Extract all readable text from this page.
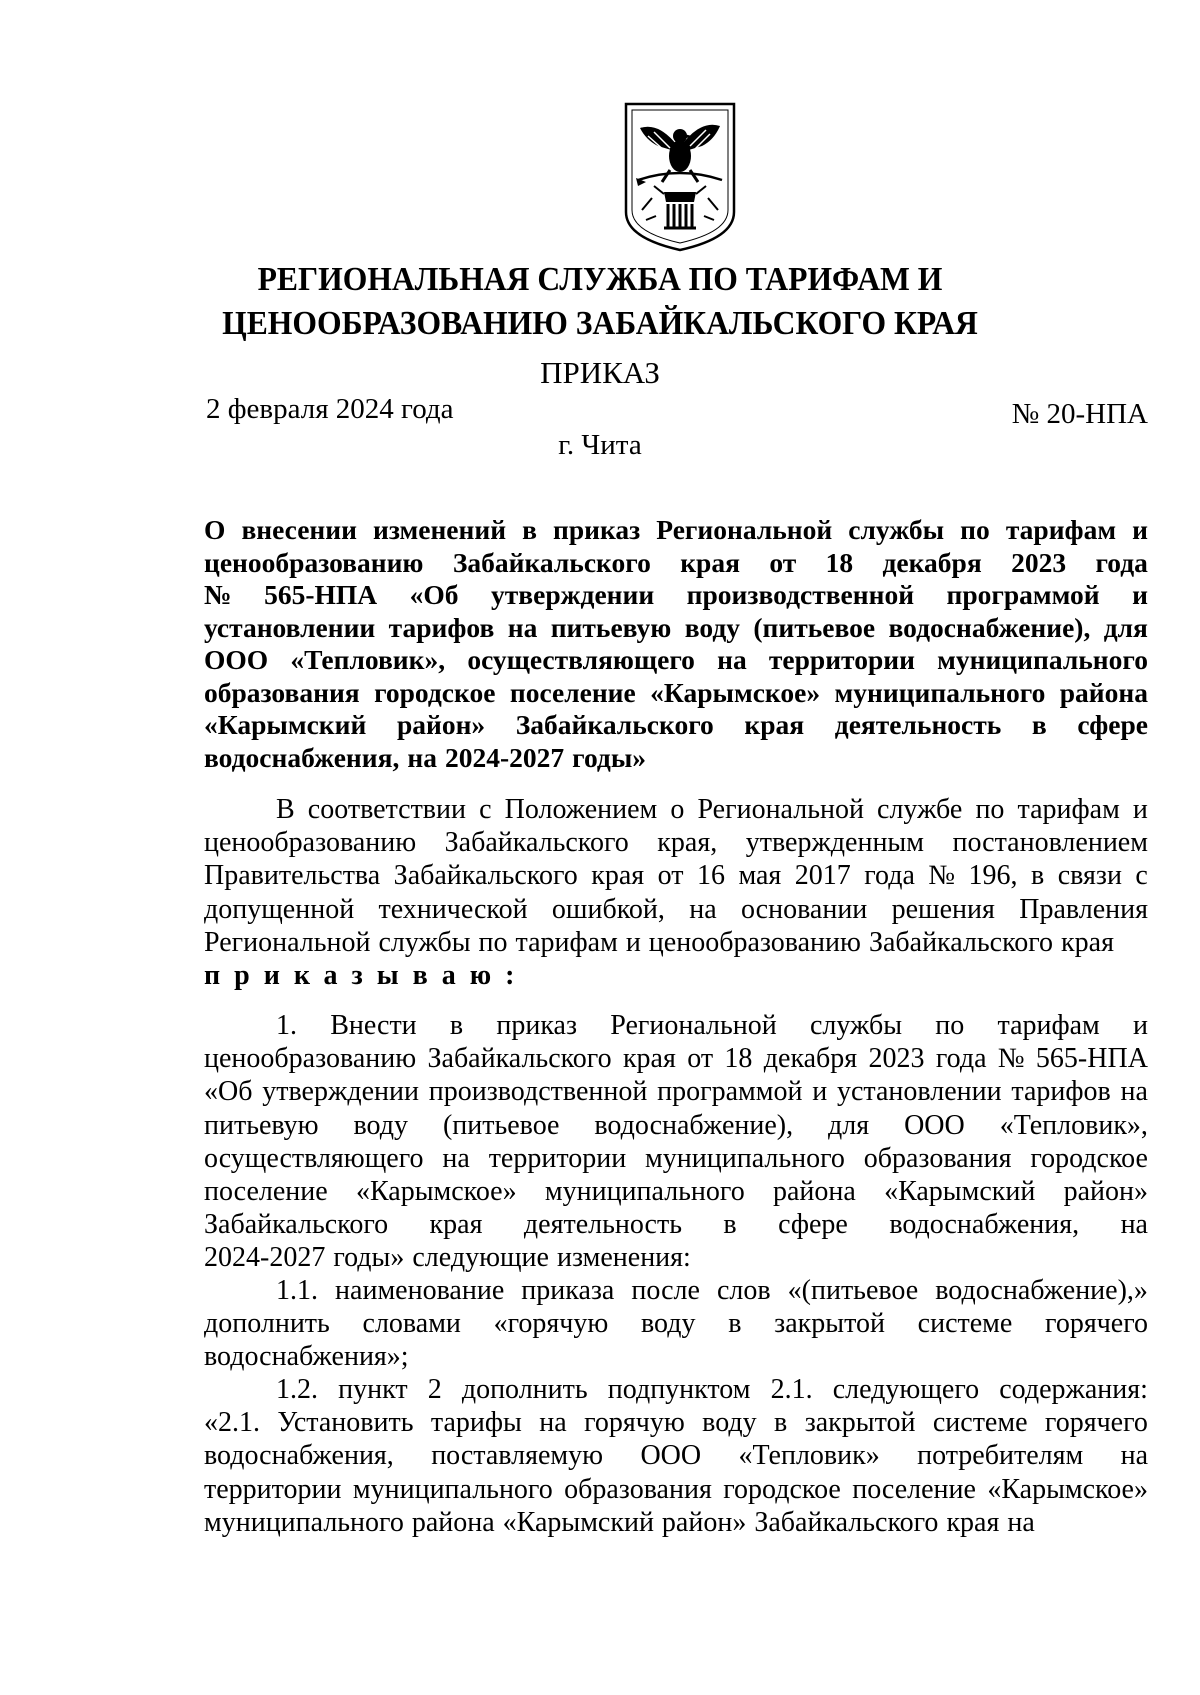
РЕГИОНАЛЬНАЯ СЛУЖБА ПО ТАРИФАМ И
ЦЕНООБРАЗОВАНИЮ ЗАБАЙКАЛЬСКОГО КРАЯ
ПРИКАЗ
2 февраля 2024 года	№ 20-НПА
г. Чита
О внесении изменений в приказ Региональной службы по тарифам и
ценообразованию Забайкальского края от 18 декабря 2023 года
№ 565-НПА «Об утверждении производственной программой и
установлении тарифов на питьевую воду (питьевое водоснабжение), для
ООО «Тепловик», осуществляющего на территории муниципального
образования городское поселение «Карымское» муниципального района
«Карымский район» Забайкальского края деятельность в сфере
водоснабжения, на 2024-2027 годы»
В соответствии с Положением о Региональной службе по тарифам и
ценообразованию Забайкальского края, утвержденным постановлением
Правительства Забайкальского края от 16 мая 2017 года № 196, в связи с
допущенной технической ошибкой, на основании решения Правления
Региональной службы по тарифам и ценообразованию Забайкальского края
приказываю:
1. Внести в приказ Региональной службы по тарифам и
ценообразованию Забайкальского края от 18 декабря 2023 года № 565-НПА
«Об утверждении производственной программой и установлении тарифов на
питьевую воду (питьевое водоснабжение), для ООО «Тепловик»,
осуществляющего на территории муниципального образования городское
поселение «Карымское» муниципального района «Карымский район»
Забайкальского края деятельность в сфере водоснабжения, на
2024-2027 годы» следующие изменения:
1.1. наименование приказа после слов «(питьевое водоснабжение),»
дополнить словами «горячую воду в закрытой системе горячего
водоснабжения»;
1.2. пункт 2 дополнить подпунктом 2.1. следующего содержания:
«2.1. Установить тарифы на горячую воду в закрытой системе горячего
водоснабжения, поставляемую ООО «Тепловик» потребителям на
территории муниципального образования городское поселение «Карымское»
муниципального района «Карымский район» Забайкальского края на
